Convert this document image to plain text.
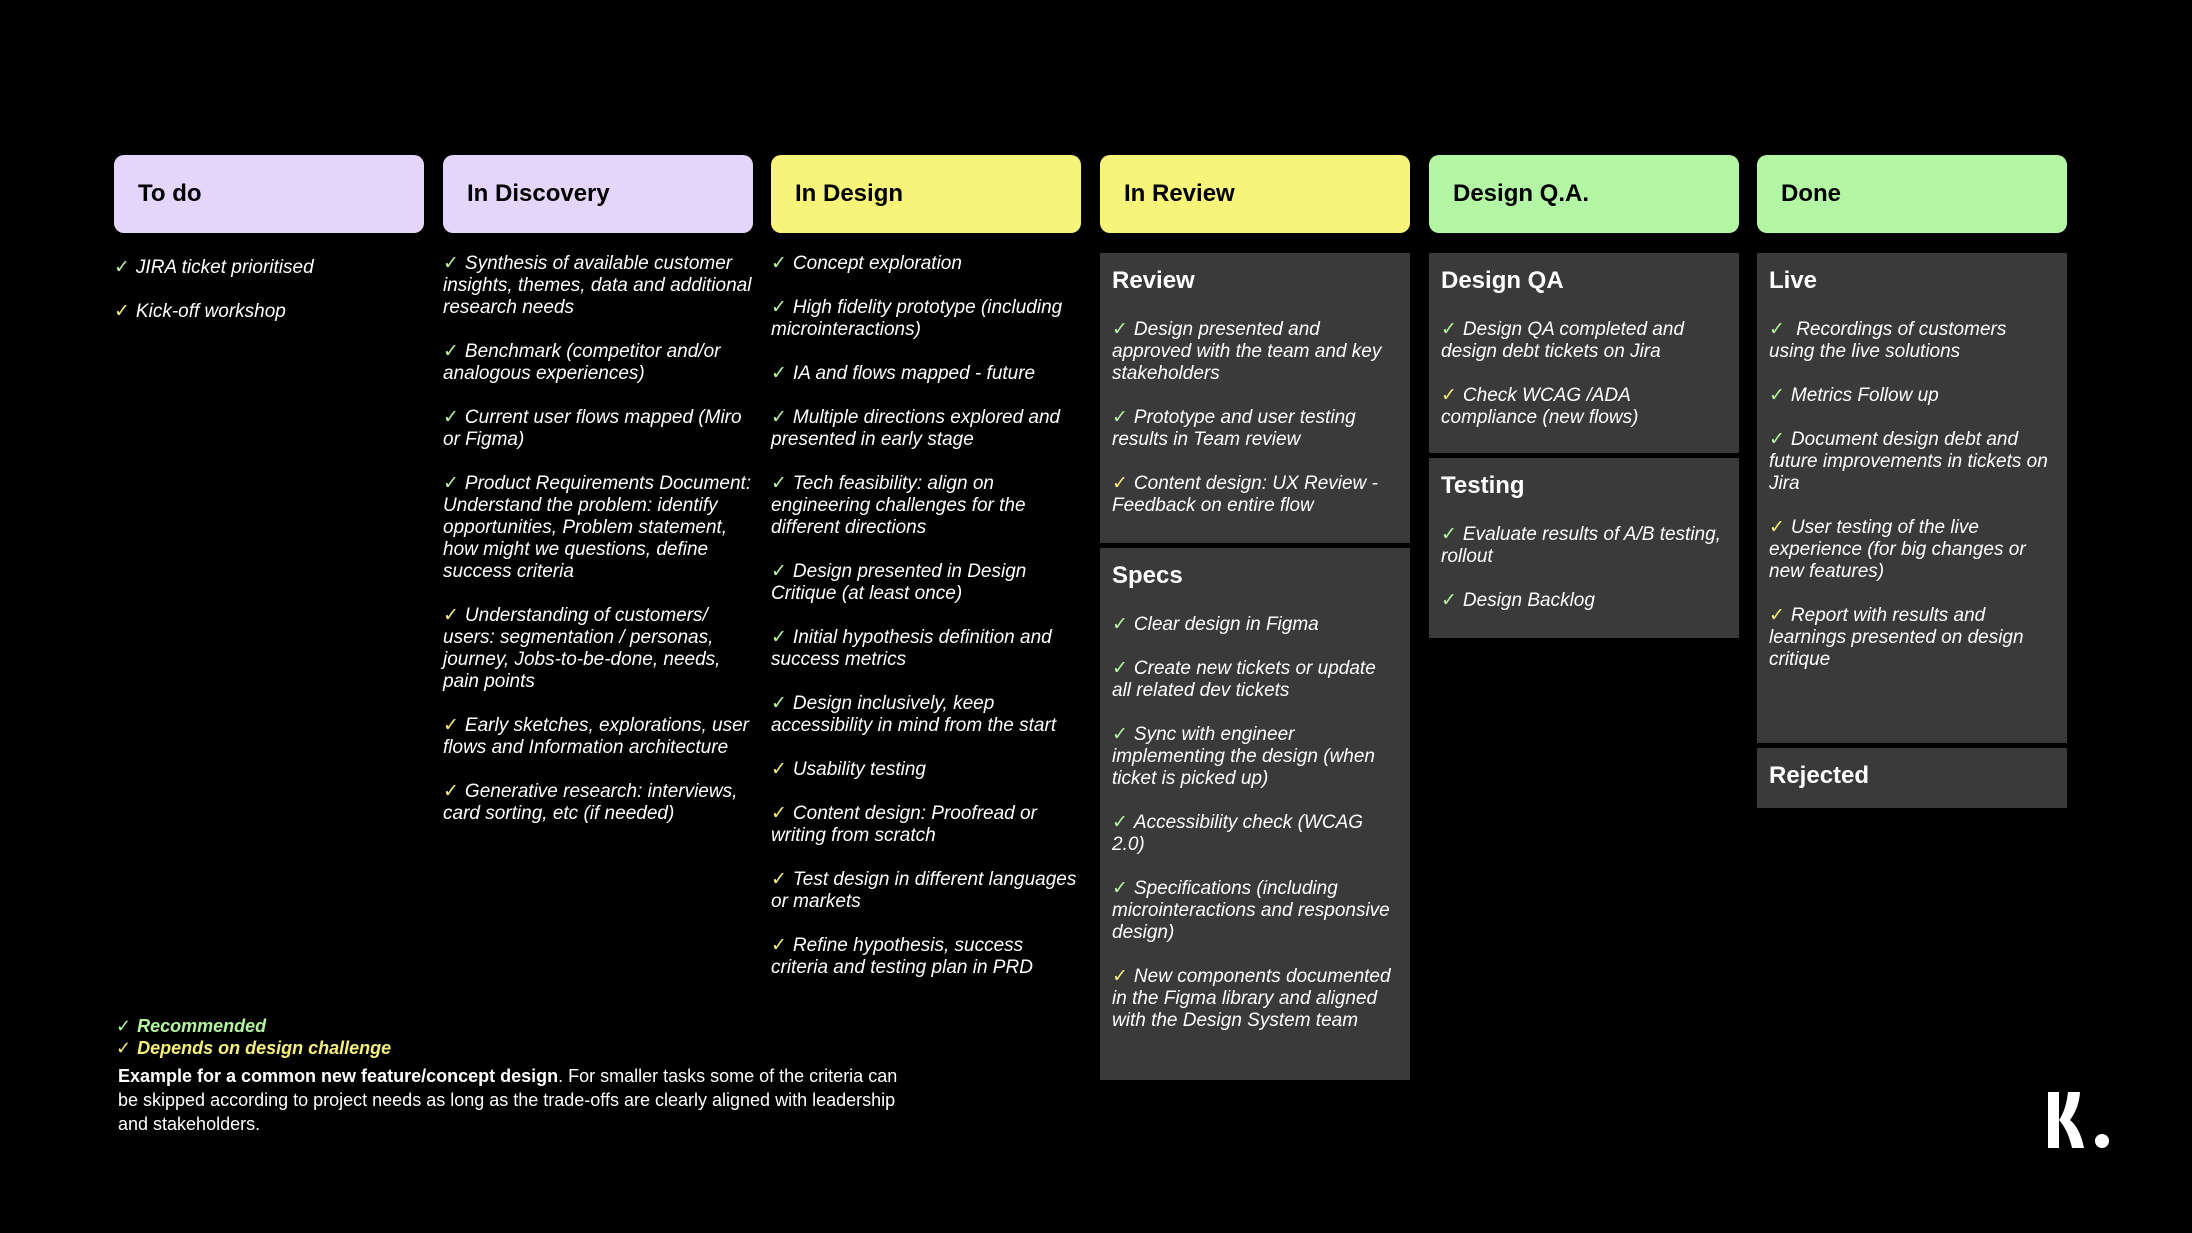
To do
✓ JIRA ticket prioritised
✓ Kick-off workshop
In Discovery
✓ Synthesis of available customer insights, themes, data and additional research needs
✓ Benchmark (competitor and/or analogous experiences)
✓ Current user flows mapped (Miro or Figma)
✓ Product Requirements Document: Understand the problem: identify opportunities, Problem statement, how might we questions, define success criteria
✓ Understanding of customers/ users: segmentation / personas, journey, Jobs-to-be-done, needs, pain points
✓ Early sketches, explorations, user flows and Information architecture
✓ Generative research: interviews, card sorting, etc (if needed)
In Design
✓ Concept exploration
✓ High fidelity prototype (including microinteractions)
✓ IA and flows mapped - future
✓ Multiple directions explored and presented in early stage
✓ Tech feasibility: align on engineering challenges for the different directions
✓ Design presented in Design Critique (at least once)
✓ Initial hypothesis definition and success metrics
✓ Design inclusively, keep accessibility in mind from the start
✓ Usability testing
✓ Content design: Proofread or writing from scratch
✓ Test design in different languages or markets
✓ Refine hypothesis, success criteria and testing plan in PRD
In Review
Review
✓ Design presented and approved with the team and key stakeholders
✓ Prototype and user testing results in Team review
✓ Content design: UX Review - Feedback on entire flow
Specs
✓ Clear design in Figma
✓ Create new tickets or update all related dev tickets
✓ Sync with engineer implementing the design (when ticket is picked up)
✓ Accessibility check (WCAG 2.0)
✓ Specifications (including microinteractions and responsive design)
✓ New components documented in the Figma library and aligned with the Design System team
Design Q.A.
Design QA
✓ Design QA completed and design debt tickets on Jira
✓ Check WCAG /ADA compliance (new flows)
Testing
✓ Evaluate results of A/B testing, rollout
✓ Design Backlog
Done
Live
✓ Recordings of customers using the live solutions
✓ Metrics Follow up
✓ Document design debt and future improvements in tickets on Jira
✓ User testing of the live experience (for big changes or new features)
✓ Report with results and learnings presented on design critique
Rejected
✓ Recommended
✓ Depends on design challenge
Example for a common new feature/concept design. For smaller tasks some of the criteria can be skipped according to project needs as long as the trade-offs are clearly aligned with leadership and stakeholders.
